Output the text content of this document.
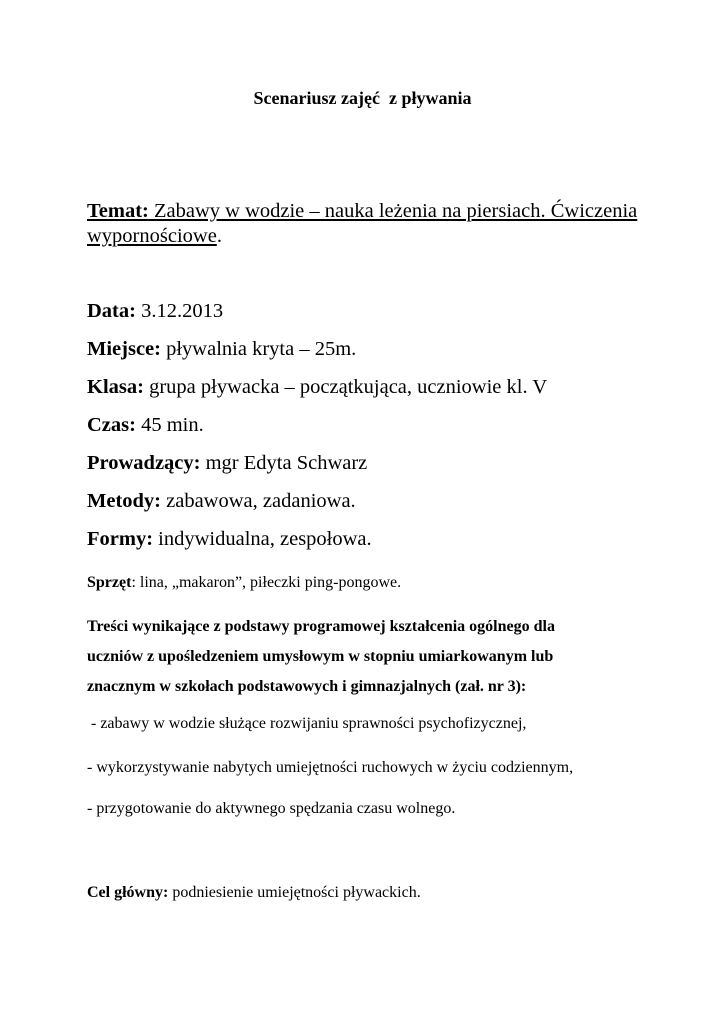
Scenariusz zajęć  z pływania
Temat: Zabawy w wodzie – nauka leżenia na piersiach. Ćwiczenia wypornościowe.
Data: 3.12.2013
Miejsce: pływalnia kryta – 25m.
Klasa: grupa pływacka – początkująca, uczniowie kl. V
Czas: 45 min.
Prowadzący: mgr Edyta Schwarz
Metody: zabawowa, zadaniowa.
Formy: indywidualna, zespołowa.
Sprzęt: lina, „makaron”, piłeczki ping-pongowe.
Treści wynikające z podstawy programowej kształcenia ogólnego dla
uczniów z upośledzeniem umysłowym w stopniu umiarkowanym lub
znacznym w szkołach podstawowych i gimnazjalnych (zał. nr 3):
- zabawy w wodzie służące rozwijaniu sprawności psychofizycznej,
- wykorzystywanie nabytych umiejętności ruchowych w życiu codziennym,
- przygotowanie do aktywnego spędzania czasu wolnego.
Cel główny: podniesienie umiejętności pływackich.
